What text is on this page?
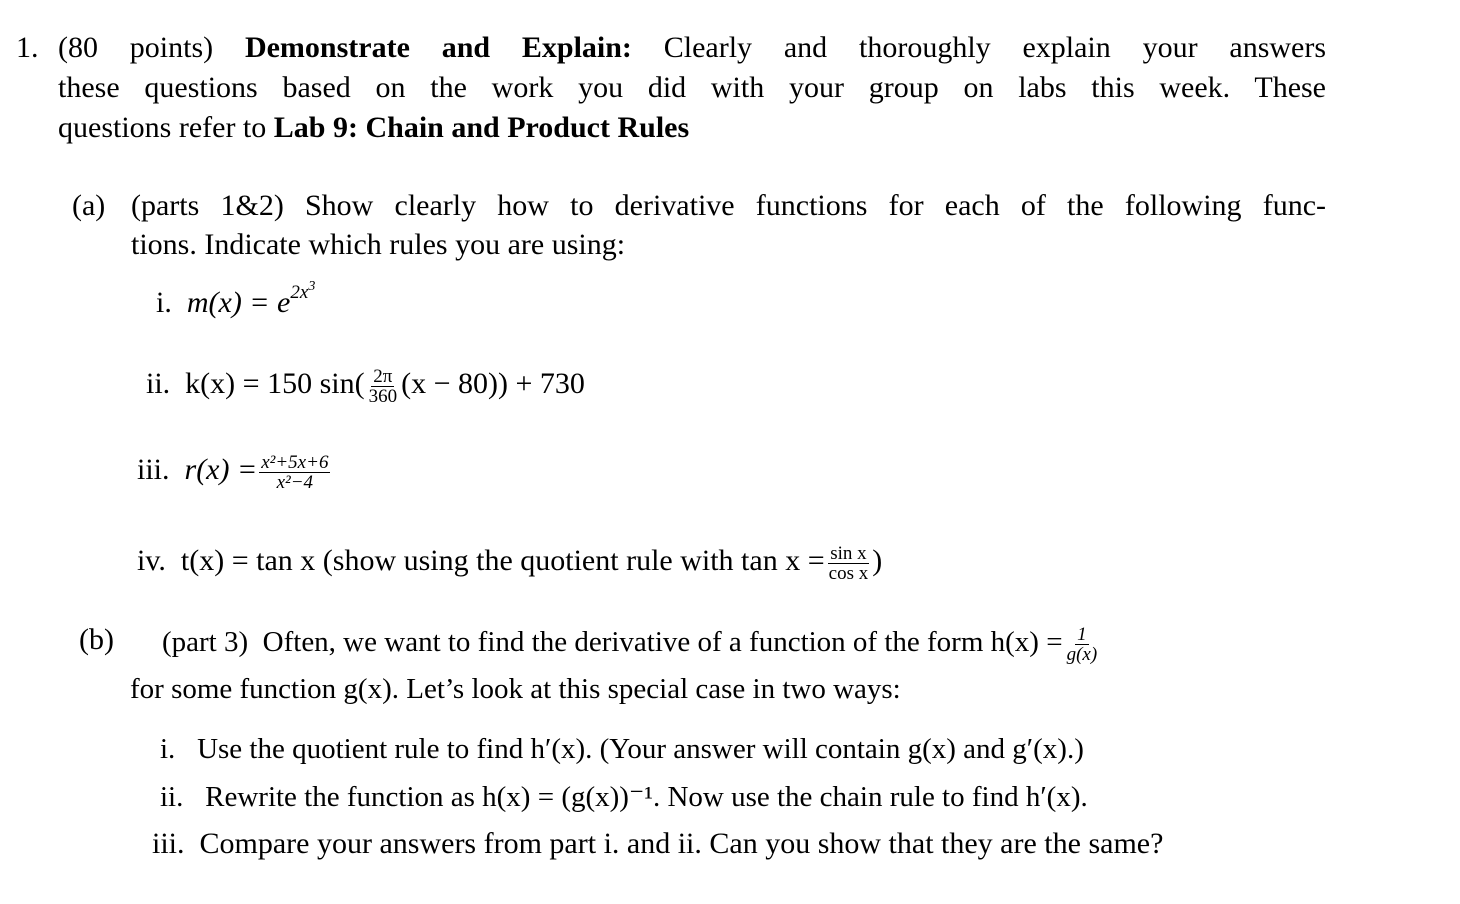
1. (80 points) Demonstrate and Explain: Clearly and thoroughly explain your answers
these questions based on the work you did with your group on labs this week. These
questions refer to Lab 9: Chain and Product Rules
(a) (parts 1&2) Show clearly how to derivative functions for each of the following func-
tions. Indicate which rules you are using:
i. $m(x) = e^{2x^3}$
ii. k(x) = 150 $\sin( \frac{2\pi}{360} (x - 80)) + 730$
iii. $r(x) = \frac{\text{x²+5x+6}}{\text{x²−4}}$
iv. t(x) = tan x (show using the quotient rule with $\tan x = \frac{\text{sin x}}{\text{cos x}}$ )
(b) (part 3) Often, we want to find the derivative of a function of the form $h(x) = \frac{1}{g(x)}$
for some function g(x). Let’s look at this special case in two ways:
i. Use the quotient rule to find h′(x). (Your answer will contain g(x) and g′(x).)
ii. Rewrite the function as h(x) = (g(x))⁻¹. Now use the chain rule to find h′(x).
iii. Compare your answers from part i. and ii. Can you show that they are the same?
